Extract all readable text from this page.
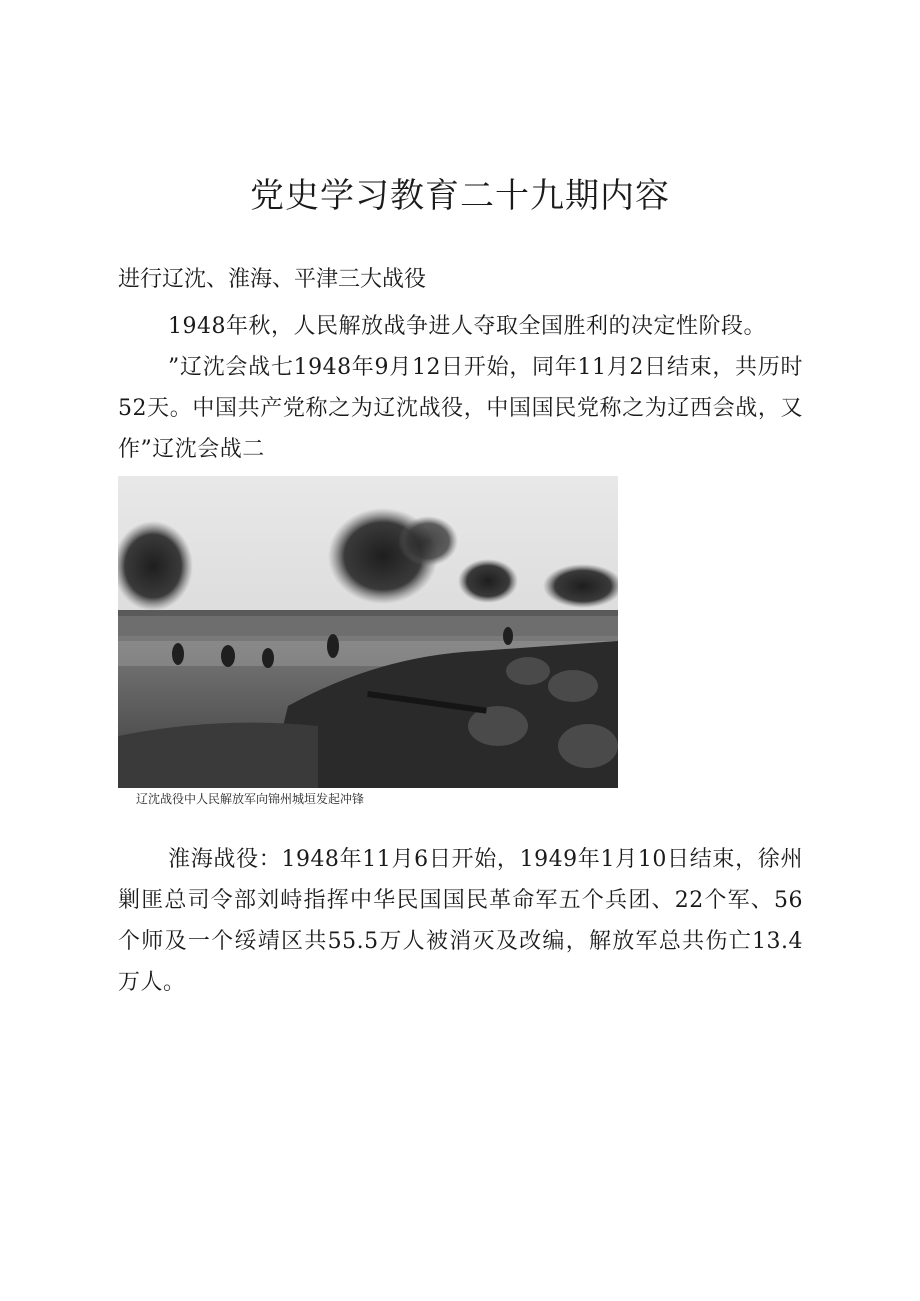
党史学习教育二十九期内容
进行辽沈、淮海、平津三大战役
1948年秋，人民解放战争进人夺取全国胜利的决定性阶段。
”辽沈会战七1948年9月12日开始，同年11月2日结束，共历时52天。中国共产党称之为辽沈战役，中国国民党称之为辽西会战，又作”辽沈会战二
辽沈战役中人民解放军向锦州城垣发起冲锋
淮海战役：1948年11月6日开始，1949年1月10日结束，徐州剿匪总司令部刘峙指挥中华民国国民革命军五个兵团、22个军、56个师及一个绥靖区共55.5万人被消灭及改编，解放军总共伤亡13.4万人。
